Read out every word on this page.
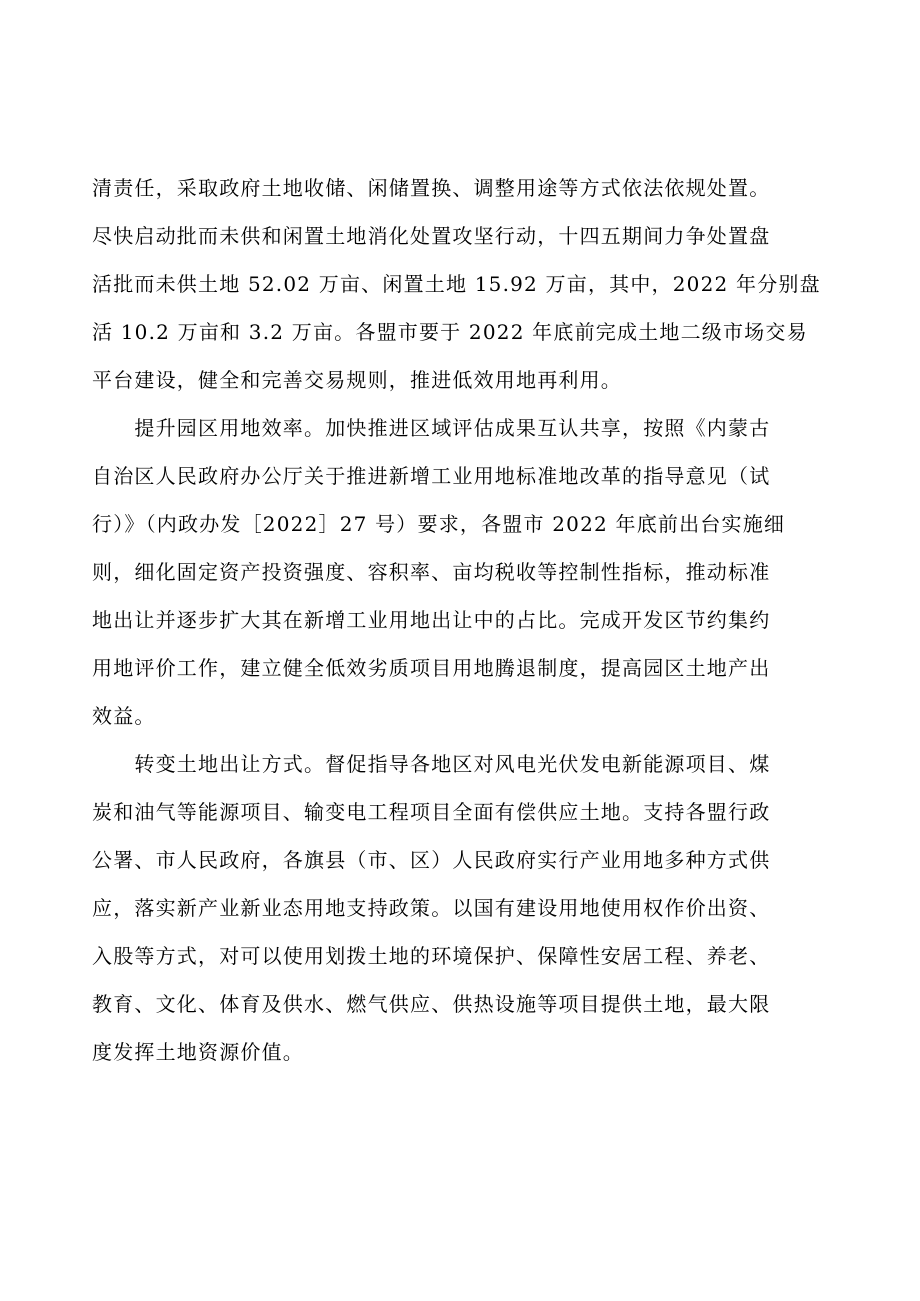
清责任，采取政府土地收储、闲储置换、调整用途等方式依法依规处置。
尽快启动批而未供和闲置土地消化处置攻坚行动，十四五期间力争处置盘
活批而未供土地 52.02 万亩、闲置土地 15.92 万亩，其中，2022 年分别盘
活 10.2 万亩和 3.2 万亩。各盟市要于 2022 年底前完成土地二级市场交易
平台建设，健全和完善交易规则，推进低效用地再利用。

　　提升园区用地效率。加快推进区域评估成果互认共享，按照《内蒙古
自治区人民政府办公厅关于推进新增工业用地标准地改革的指导意见（试
行）》（内政办发［2022］27 号）要求，各盟市 2022 年底前出台实施细
则，细化固定资产投资强度、容积率、亩均税收等控制性指标，推动标准
地出让并逐步扩大其在新增工业用地出让中的占比。完成开发区节约集约
用地评价工作，建立健全低效劣质项目用地腾退制度，提高园区土地产出
效益。

　　转变土地出让方式。督促指导各地区对风电光伏发电新能源项目、煤
炭和油气等能源项目、输变电工程项目全面有偿供应土地。支持各盟行政
公署、市人民政府，各旗县（市、区）人民政府实行产业用地多种方式供
应，落实新产业新业态用地支持政策。以国有建设用地使用权作价出资、
入股等方式，对可以使用划拨土地的环境保护、保障性安居工程、养老、
教育、文化、体育及供水、燃气供应、供热设施等项目提供土地，最大限
度发挥土地资源价值。
